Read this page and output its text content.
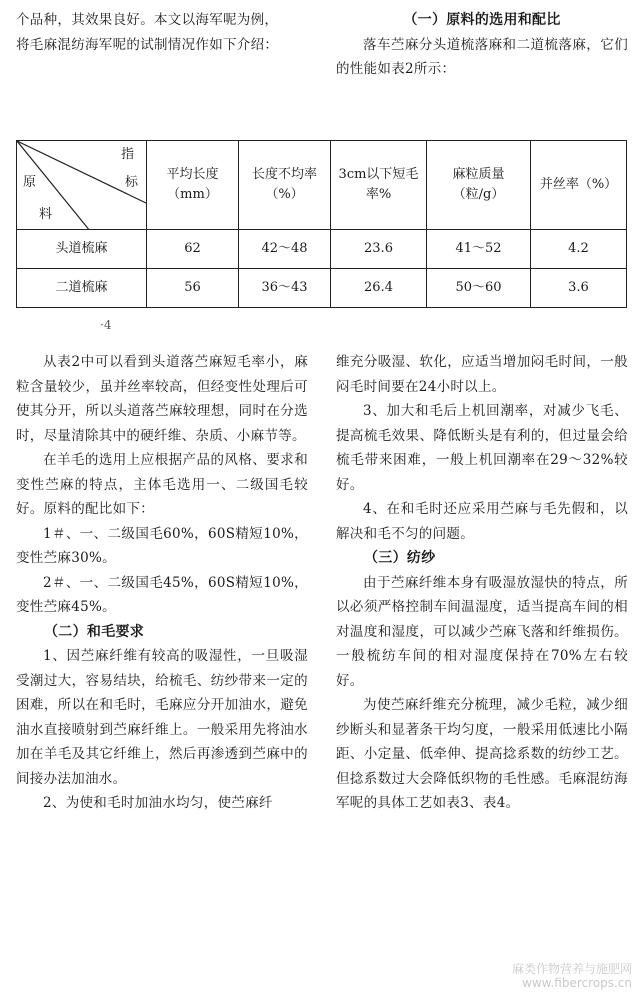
个品种，其效果良好。本文以海军呢为例，

将毛麻混纺海军呢的试制情况作如下介绍：

（一）原料的选用和配比

落车苎麻分头道梳落麻和二道梳落麻，它们的性能如表2所示：

指
标
原
料	平均长度（mm）	长度不均率（%）	3cm以下短毛率%	麻粒质量（粒/g）	并丝率（%）
头道梳麻	62	42～48	23.6	41～52	4.2
二道梳麻	56	36～43	26.4	50～60	3.6
·4

从表2中可以看到头道落苎麻短毛率小，麻粒含量较少，虽并丝率较高，但经变性处理后可使其分开，所以头道落苎麻较理想，同时在分选时，尽量清除其中的硬纤维、杂质、小麻节等。

在羊毛的选用上应根据产品的风格、要求和变性苎麻的特点，主体毛选用一、二级国毛较好。原料的配比如下：

1＃、一、二级国毛60%，60S精短10%，变性苎麻30%。

2＃、一、二级国毛45%，60S精短10%，变性苎麻45%。

（二）和毛要求

1、因苎麻纤维有较高的吸湿性，一旦吸湿受潮过大，容易结块，给梳毛、纺纱带来一定的困难，所以在和毛时，毛麻应分开加油水，避免油水直接喷射到苎麻纤维上。一般采用先将油水加在羊毛及其它纤维上，然后再渗透到苎麻中的间接办法加油水。

2、为使和毛时加油水均匀，使苎麻纤

维充分吸湿、软化，应适当增加闷毛时间，一般闷毛时间要在24小时以上。

3、加大和毛后上机回潮率，对减少飞毛、提高梳毛效果、降低断头是有利的，但过量会给梳毛带来困难，一般上机回潮率在29～32%较好。

4、在和毛时还应采用苎麻与毛先假和，以解决和毛不匀的问题。

（三）纺纱

由于苎麻纤维本身有吸湿放湿快的特点，所以必须严格控制车间温湿度，适当提高车间的相对温度和湿度，可以减少苎麻飞落和纤维损伤。一般梳纺车间的相对湿度保持在70%左右较好。

为使苎麻纤维充分梳理，减少毛粒，减少细纱断头和显著条干均匀度，一般采用低速比小隔距、小定量、低牵伸、提高捻系数的纺纱工艺。但捻系数过大会降低织物的毛性感。毛麻混纺海军呢的具体工艺如表3、表4。

麻类作物营养与施肥网
www.fibercrops.cn
